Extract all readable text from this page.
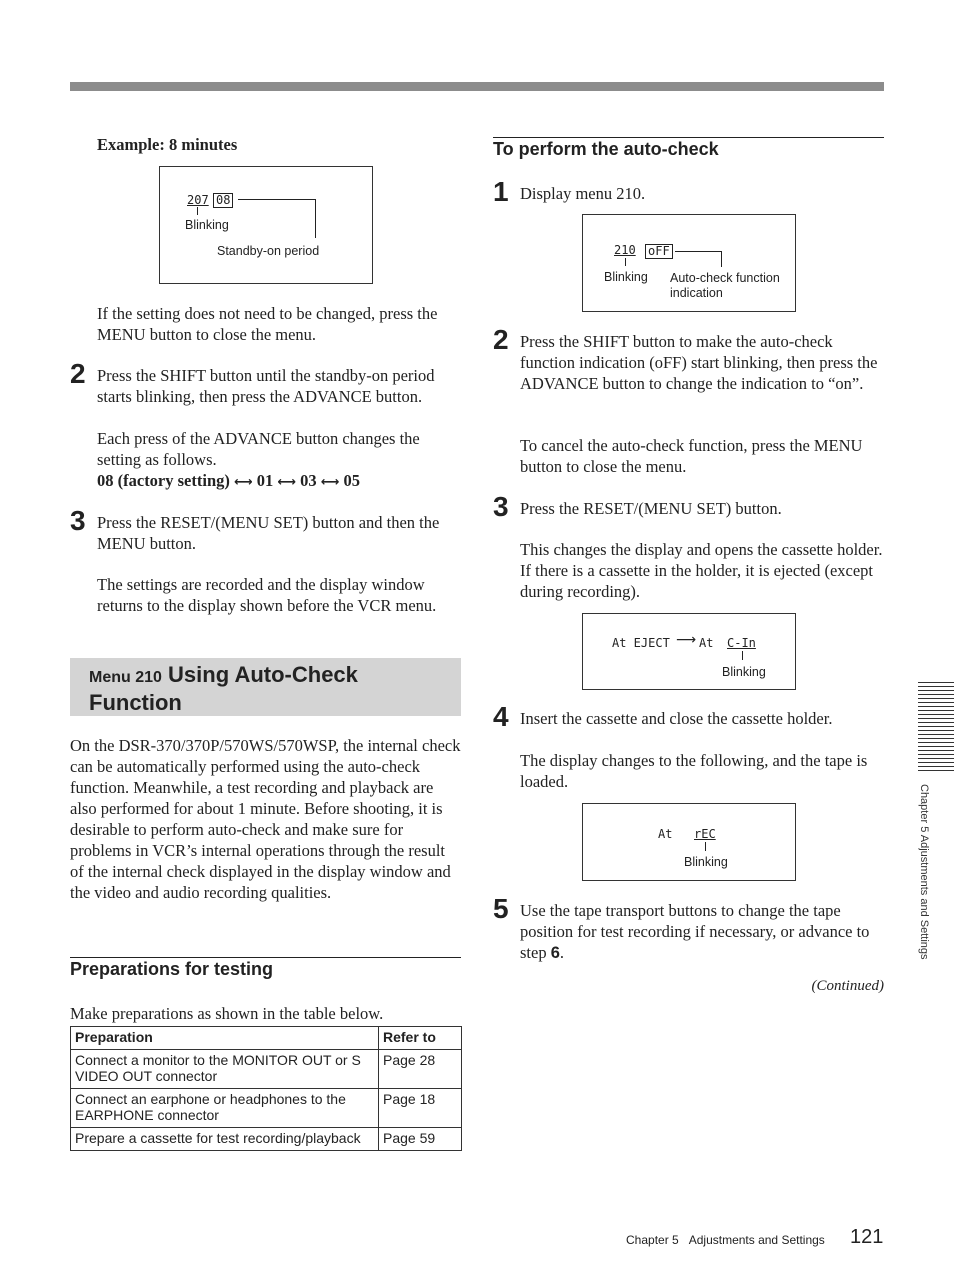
Example: 8 minutes
207 08
Blinking
Standby-on period
If the setting does not need to be changed, press the MENU button to close the menu.
2 Press the SHIFT button until the standby-on period starts blinking, then press the ADVANCE button.
Each press of the ADVANCE button changes the setting as follows.
08 (factory setting) ⟷ 01 ⟷ 03 ⟷ 05
3 Press the RESET/(MENU SET) button and then the MENU button.
The settings are recorded and the display window returns to the display shown before the VCR menu.
Menu 210 Using Auto-Check
Function
On the DSR-370/370P/570WS/570WSP, the internal check can be automatically performed using the auto-check function. Meanwhile, a test recording and playback are also performed for about 1 minute. Before shooting, it is desirable to perform auto-check and make sure for problems in VCR’s internal operations through the result of the internal check displayed in the display window and the video and audio recording qualities.
Preparations for testing
Make preparations as shown in the table below.
Preparation	Refer to
Connect a monitor to the MONITOR OUT or S VIDEO OUT connector	Page 28
Connect an earphone or headphones to the EARPHONE connector	Page 18
Prepare a cassette for test recording/playback	Page 59
To perform the auto-check
1 Display menu 210.
210 oFF
Blinking Auto-check function
indication
2 Press the SHIFT button to make the auto-check function indication (oFF) start blinking, then press the ADVANCE button to change the indication to “on”.
To cancel the auto-check function, press the MENU button to close the menu.
3 Press the RESET/(MENU SET) button.
This changes the display and opens the cassette holder. If there is a cassette in the holder, it is ejected (except during recording).
At EJECT ⟶ At C-In
Blinking
4 Insert the cassette and close the cassette holder.
The display changes to the following, and the tape is loaded.
At rEC
Blinking
5 Use the tape transport buttons to change the tape position for test recording if necessary, or advance to step 6.
(Continued)
Chapter 5 Adjustments and Settings
Chapter 5 Adjustments and Settings 121
